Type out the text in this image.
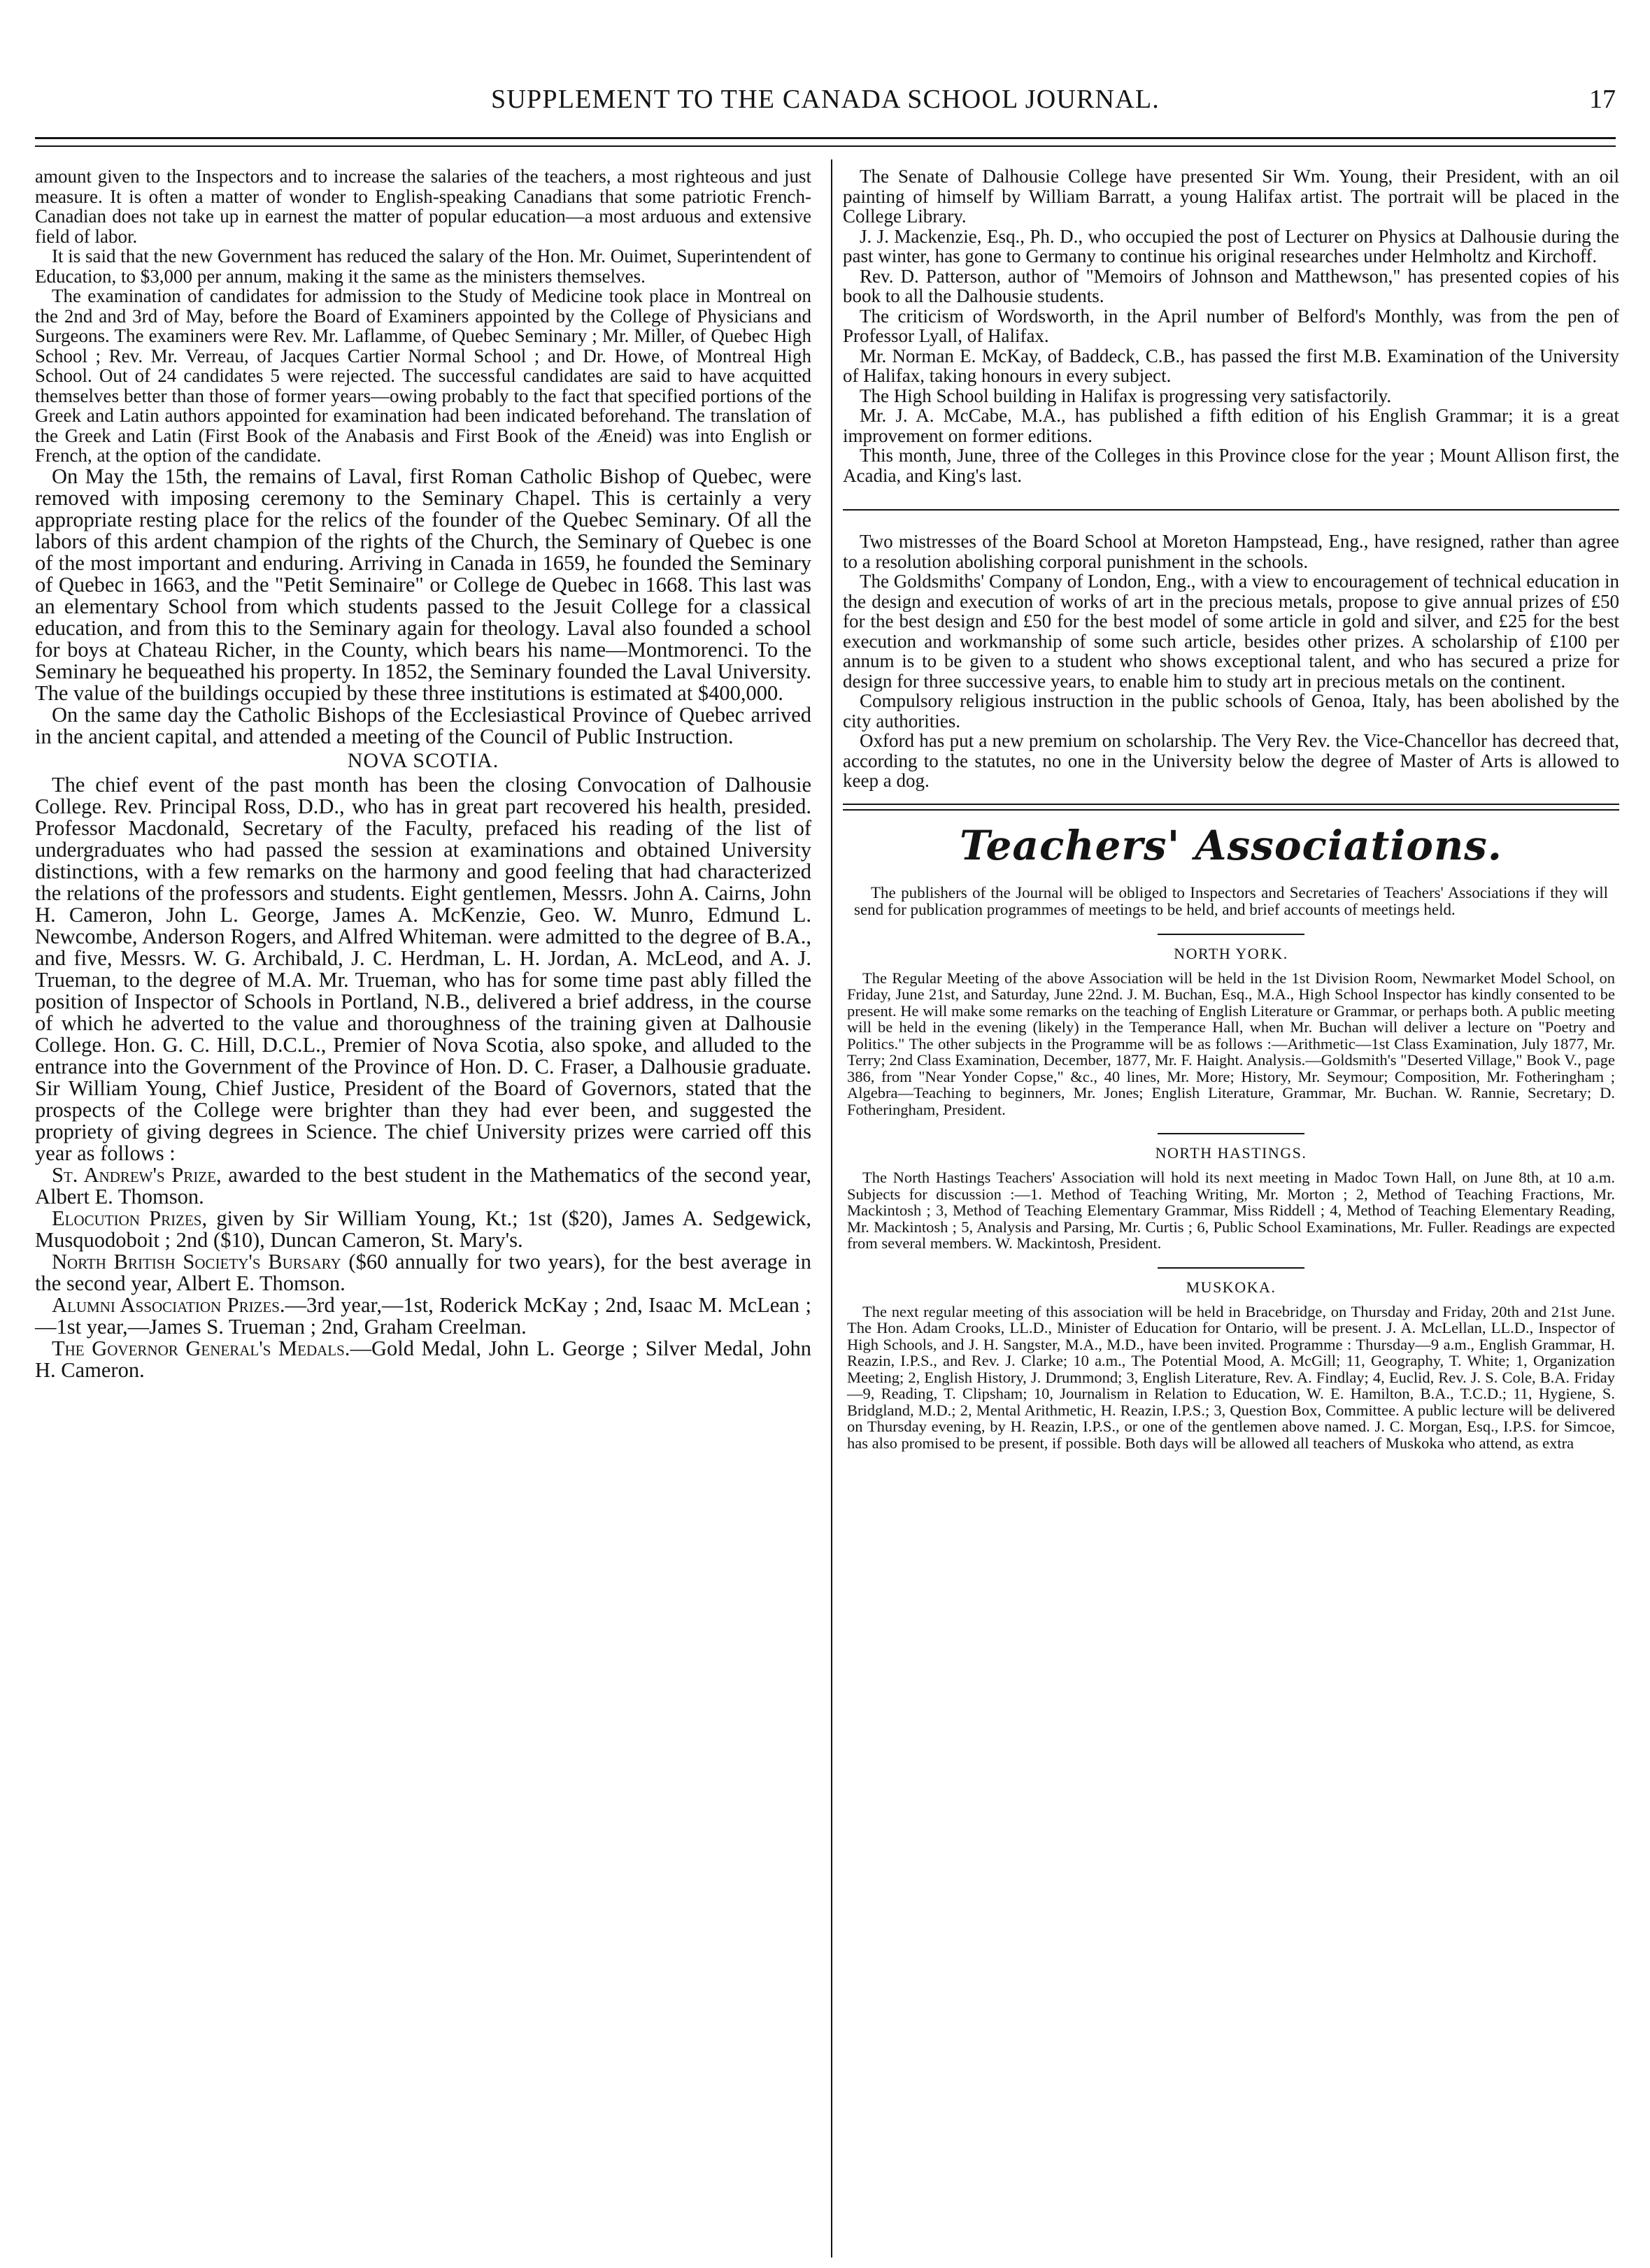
SUPPLEMENT TO THE CANADA SCHOOL JOURNAL.	17

amount given to the Inspectors and to increase the salaries of the teachers, a most righteous and just measure. It is often a matter of wonder to English-speaking Canadians that some patriotic French-Canadian does not take up in earnest the matter of popular education—a most arduous and extensive field of labor.

It is said that the new Government has reduced the salary of the Hon. Mr. Ouimet, Superintendent of Education, to $3,000 per annum, making it the same as the ministers themselves.

The examination of candidates for admission to the Study of Medicine took place in Montreal on the 2nd and 3rd of May, before the Board of Examiners appointed by the College of Physicians and Surgeons. The examiners were Rev. Mr. Laflamme, of Quebec Seminary ; Mr. Miller, of Quebec High School ; Rev. Mr. Verreau, of Jacques Cartier Normal School ; and Dr. Howe, of Montreal High School. Out of 24 candidates 5 were rejected. The successful candidates are said to have acquitted themselves better than those of former years—owing probably to the fact that specified portions of the Greek and Latin authors appointed for examination had been indicated beforehand. The translation of the Greek and Latin (First Book of the Anabasis and First Book of the Æneid) was into English or French, at the option of the candidate.

On May the 15th, the remains of Laval, first Roman Catholic Bishop of Quebec, were removed with imposing ceremony to the Seminary Chapel. This is certainly a very appropriate resting place for the relics of the founder of the Quebec Seminary. Of all the labors of this ardent champion of the rights of the Church, the Seminary of Quebec is one of the most important and enduring. Arriving in Canada in 1659, he founded the Seminary of Quebec in 1663, and the "Petit Seminaire" or College de Quebec in 1668. This last was an elementary School from which students passed to the Jesuit College for a classical education, and from this to the Seminary again for theology. Laval also founded a school for boys at Chateau Richer, in the County, which bears his name—Montmorenci. To the Seminary he bequeathed his property. In 1852, the Seminary founded the Laval University. The value of the buildings occupied by these three institutions is estimated at $400,000.

On the same day the Catholic Bishops of the Ecclesiastical Province of Quebec arrived in the ancient capital, and attended a meeting of the Council of Public Instruction.

NOVA SCOTIA.

The chief event of the past month has been the closing Convocation of Dalhousie College. Rev. Principal Ross, D.D., who has in great part recovered his health, presided. Professor Macdonald, Secretary of the Faculty, prefaced his reading of the list of undergraduates who had passed the session at examinations and obtained University distinctions, with a few remarks on the harmony and good feeling that had characterized the relations of the professors and students. Eight gentlemen, Messrs. John A. Cairns, John H. Cameron, John L. George, James A. McKenzie, Geo. W. Munro, Edmund L. Newcombe, Anderson Rogers, and Alfred Whiteman. were admitted to the degree of B.A., and five, Messrs. W. G. Archibald, J. C. Herdman, L. H. Jordan, A. McLeod, and A. J. Trueman, to the degree of M.A. Mr. Trueman, who has for some time past ably filled the position of Inspector of Schools in Portland, N.B., delivered a brief address, in the course of which he adverted to the value and thoroughness of the training given at Dalhousie College. Hon. G. C. Hill, D.C.L., Premier of Nova Scotia, also spoke, and alluded to the entrance into the Government of the Province of Hon. D. C. Fraser, a Dalhousie graduate. Sir William Young, Chief Justice, President of the Board of Governors, stated that the prospects of the College were brighter than they had ever been, and suggested the propriety of giving degrees in Science. The chief University prizes were carried off this year as follows :

St. Andrew's Prize, awarded to the best student in the Mathematics of the second year, Albert E. Thomson.

Elocution Prizes, given by Sir William Young, Kt.; 1st ($20), James A. Sedgewick, Musquodoboit ; 2nd ($10), Duncan Cameron, St. Mary's.

North British Society's Bursary ($60 annually for two years), for the best average in the second year, Albert E. Thomson.

Alumni Association Prizes.—3rd year,—1st, Roderick McKay ; 2nd, Isaac M. McLean ;—1st year,—James S. Trueman ; 2nd, Graham Creelman.

The Governor General's Medals.—Gold Medal, John L. George ; Silver Medal, John H. Cameron.

The Senate of Dalhousie College have presented Sir Wm. Young, their President, with an oil painting of himself by William Barratt, a young Halifax artist. The portrait will be placed in the College Library.

J. J. Mackenzie, Esq., Ph. D., who occupied the post of Lecturer on Physics at Dalhousie during the past winter, has gone to Germany to continue his original researches under Helmholtz and Kirchoff.

Rev. D. Patterson, author of "Memoirs of Johnson and Matthewson," has presented copies of his book to all the Dalhousie students.

The criticism of Wordsworth, in the April number of Belford's Monthly, was from the pen of Professor Lyall, of Halifax.

Mr. Norman E. McKay, of Baddeck, C.B., has passed the first M.B. Examination of the University of Halifax, taking honours in every subject.

The High School building in Halifax is progressing very satisfactorily.

Mr. J. A. McCabe, M.A., has published a fifth edition of his English Grammar; it is a great improvement on former editions.

This month, June, three of the Colleges in this Province close for the year ; Mount Allison first, the Acadia, and King's last.

Two mistresses of the Board School at Moreton Hampstead, Eng., have resigned, rather than agree to a resolution abolishing corporal punishment in the schools.

The Goldsmiths' Company of London, Eng., with a view to encouragement of technical education in the design and execution of works of art in the precious metals, propose to give annual prizes of £50 for the best design and £50 for the best model of some article in gold and silver, and £25 for the best execution and workmanship of some such article, besides other prizes. A scholarship of £100 per annum is to be given to a student who shows exceptional talent, and who has secured a prize for design for three successive years, to enable him to study art in precious metals on the continent.

Compulsory religious instruction in the public schools of Genoa, Italy, has been abolished by the city authorities.

Oxford has put a new premium on scholarship. The Very Rev. the Vice-Chancellor has decreed that, according to the statutes, no one in the University below the degree of Master of Arts is allowed to keep a dog.

Teachers' Associations.

The publishers of the Journal will be obliged to Inspectors and Secretaries of Teachers' Associations if they will send for publication programmes of meetings to be held, and brief accounts of meetings held.

NORTH YORK.

The Regular Meeting of the above Association will be held in the 1st Division Room, Newmarket Model School, on Friday, June 21st, and Saturday, June 22nd. J. M. Buchan, Esq., M.A., High School Inspector has kindly consented to be present. He will make some remarks on the teaching of English Literature or Grammar, or perhaps both. A public meeting will be held in the evening (likely) in the Temperance Hall, when Mr. Buchan will deliver a lecture on "Poetry and Politics." The other subjects in the Programme will be as follows :—Arithmetic—1st Class Examination, July 1877, Mr. Terry; 2nd Class Examination, December, 1877, Mr. F. Haight. Analysis.—Goldsmith's "Deserted Village," Book V., page 386, from "Near Yonder Copse," &c., 40 lines, Mr. More; History, Mr. Seymour; Composition, Mr. Fotheringham ; Algebra—Teaching to beginners, Mr. Jones; English Literature, Grammar, Mr. Buchan. W. Rannie, Secretary; D. Fotheringham, President.

NORTH HASTINGS.

The North Hastings Teachers' Association will hold its next meeting in Madoc Town Hall, on June 8th, at 10 a.m. Subjects for discussion :—1. Method of Teaching Writing, Mr. Morton ; 2, Method of Teaching Fractions, Mr. Mackintosh ; 3, Method of Teaching Elementary Grammar, Miss Riddell ; 4, Method of Teaching Elementary Reading, Mr. Mackintosh ; 5, Analysis and Parsing, Mr. Curtis ; 6, Public School Examinations, Mr. Fuller. Readings are expected from several members. W. Mackintosh, President.

MUSKOKA.

The next regular meeting of this association will be held in Bracebridge, on Thursday and Friday, 20th and 21st June. The Hon. Adam Crooks, LL.D., Minister of Education for Ontario, will be present. J. A. McLellan, LL.D., Inspector of High Schools, and J. H. Sangster, M.A., M.D., have been invited. Programme : Thursday—9 a.m., English Grammar, H. Reazin, I.P.S., and Rev. J. Clarke; 10 a.m., The Potential Mood, A. McGill; 11, Geography, T. White; 1, Organization Meeting; 2, English History, J. Drummond; 3, English Literature, Rev. A. Findlay; 4, Euclid, Rev. J. S. Cole, B.A. Friday—9, Reading, T. Clipsham; 10, Journalism in Relation to Education, W. E. Hamilton, B.A., T.C.D.; 11, Hygiene, S. Bridgland, M.D.; 2, Mental Arithmetic, H. Reazin, I.P.S.; 3, Question Box, Committee. A public lecture will be delivered on Thursday evening, by H. Reazin, I.P.S., or one of the gentlemen above named. J. C. Morgan, Esq., I.P.S. for Simcoe, has also promised to be present, if possible. Both days will be allowed all teachers of Muskoka who attend, as extra
